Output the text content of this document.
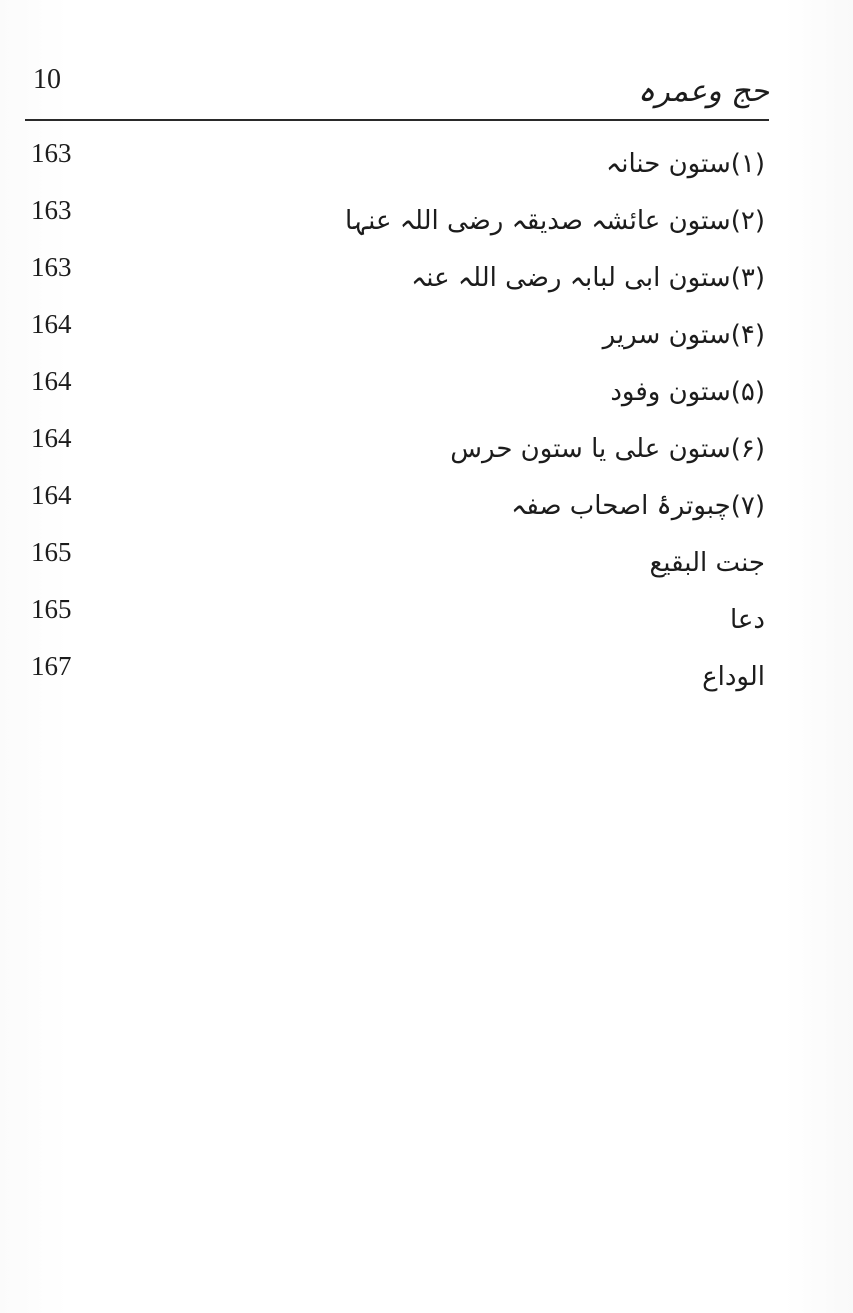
10	حج وعمرہ
163	(۱)ستون حنانہ
163	(۲)ستون عائشہ صدیقہ رضی اللہ عنہا
163	(۳)ستون ابی لبابہ رضی اللہ عنہ
164	(۴)ستون سریر
164	(۵)ستون وفود
164	(۶)ستون علی یا ستون حرس
164	(۷)چبوترۂ اصحاب صفہ
165	جنت البقیع
165	دعا
167	الوداع
